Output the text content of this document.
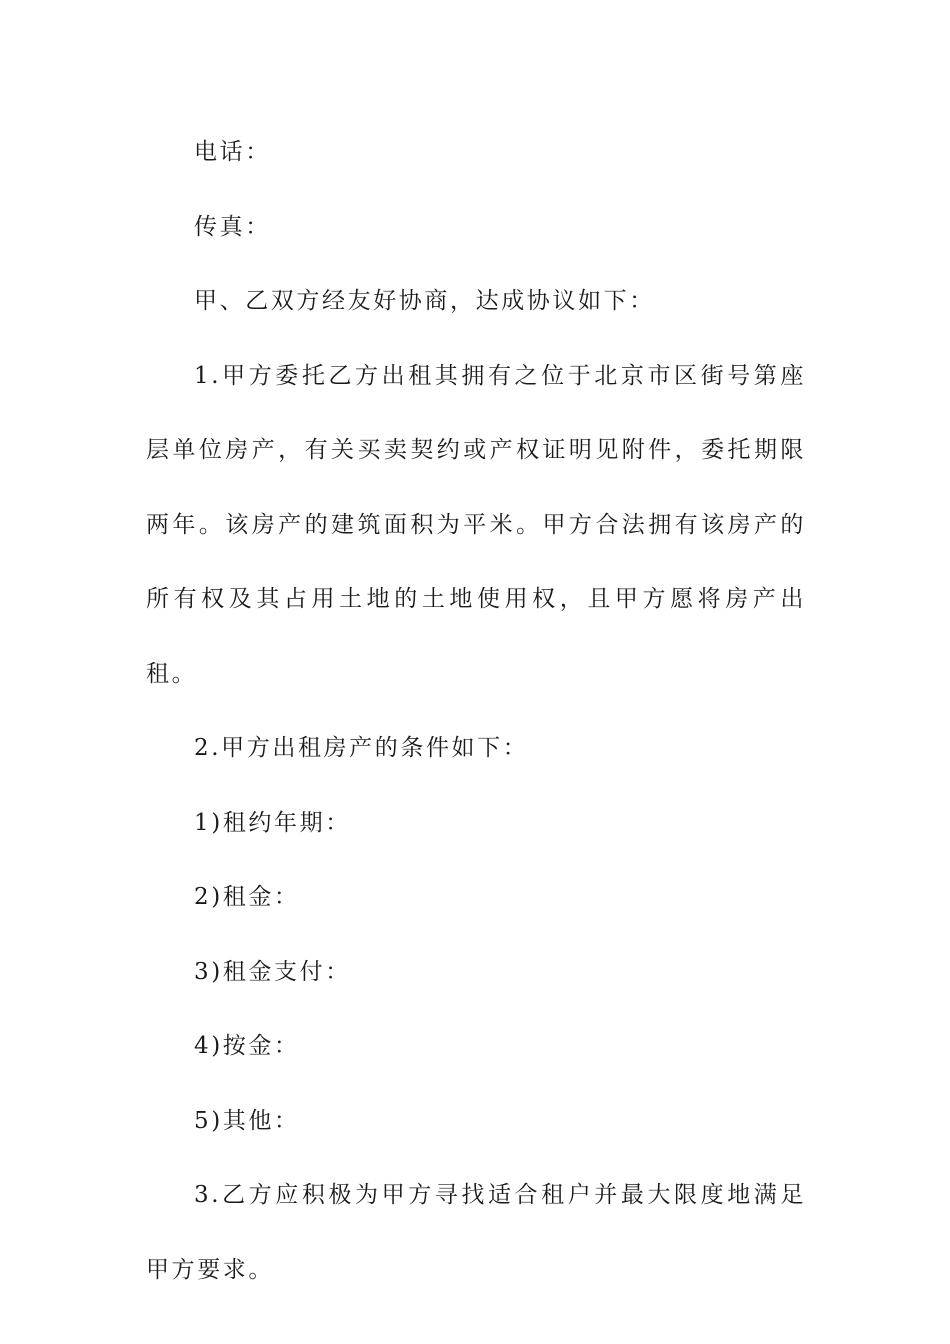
电话：

传真：

甲、乙双方经友好协商，达成协议如下：

1.甲方委托乙方出租其拥有之位于北京市区街号第座层单位房产，有关买卖契约或产权证明见附件，委托期限两年。该房产的建筑面积为平米。甲方合法拥有该房产的所有权及其占用土地的土地使用权，且甲方愿将房产出租。

2.甲方出租房产的条件如下：

1)租约年期：

2)租金：

3)租金支付：

4)按金：

5)其他：

3.乙方应积极为甲方寻找适合租户并最大限度地满足甲方要求。
